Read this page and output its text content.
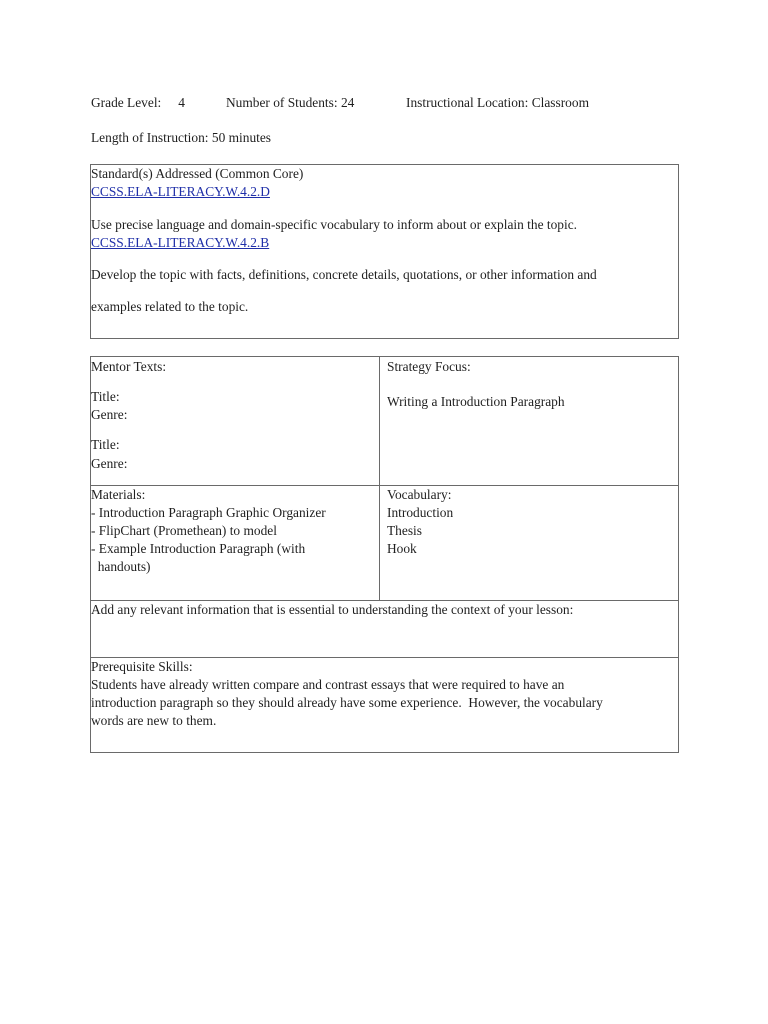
Grade Level: 4	Number of Students: 24	Instructional Location: Classroom
Length of Instruction: 50 minutes
Standard(s) Addressed (Common Core)
CCSS.ELA-LITERACY.W.4.2.D
Use precise language and domain-specific vocabulary to inform about or explain the topic.
CCSS.ELA-LITERACY.W.4.2.B
Develop the topic with facts, definitions, concrete details, quotations, or other information and
examples related to the topic.
Mentor Texts:
Title:
Genre:
Title:
Genre:
Strategy Focus:
Writing a Introduction Paragraph
Materials:
- Introduction Paragraph Graphic Organizer
- FlipChart (Promethean) to model
- Example Introduction Paragraph (with
handouts)
Vocabulary:
Introduction
Thesis
Hook
Add any relevant information that is essential to understanding the context of your lesson:
Prerequisite Skills:
Students have already written compare and contrast essays that were required to have an
introduction paragraph so they should already have some experience.  However, the vocabulary
words are new to them.
